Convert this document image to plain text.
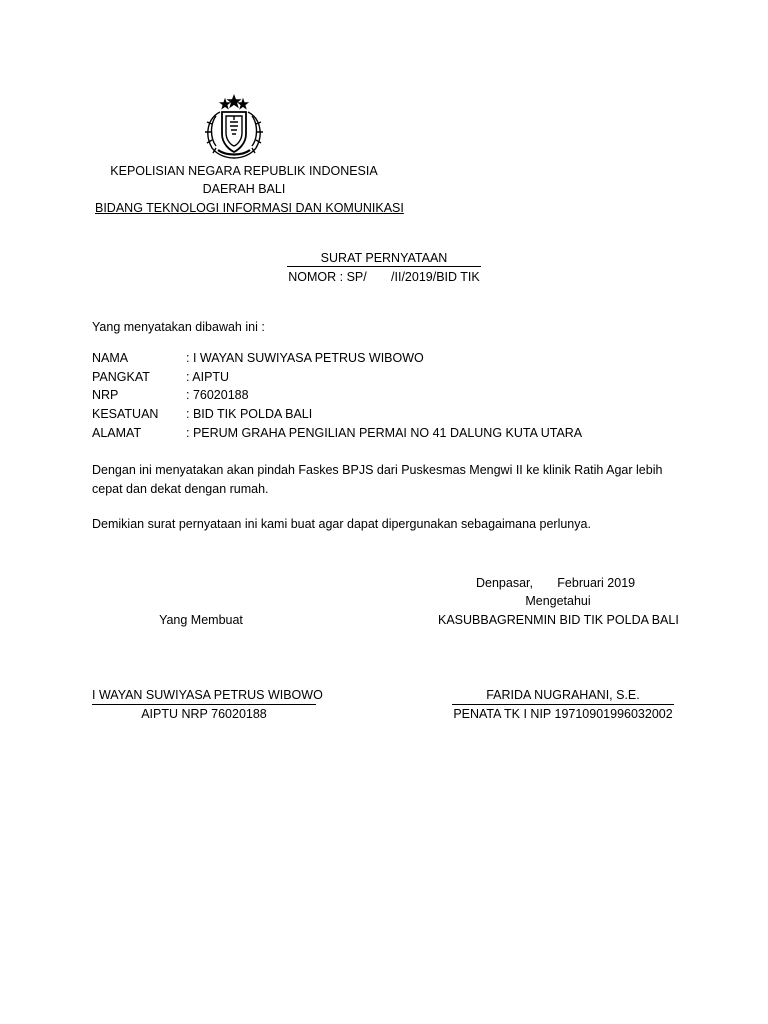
KEPOLISIAN NEGARA REPUBLIK INDONESIA
DAERAH BALI
BIDANG TEKNOLOGI INFORMASI DAN KOMUNIKASI
SURAT PERNYATAAN
NOMOR : SP/       /II/2019/BID TIK
Yang menyatakan dibawah ini :
NAMA	: I WAYAN SUWIYASA PETRUS WIBOWO
PANGKAT	: AIPTU
NRP	: 76020188
KESATUAN	: BID TIK POLDA BALI
ALAMAT	: PERUM GRAHA PENGILIAN PERMAI NO 41 DALUNG KUTA UTARA
Dengan ini menyatakan akan pindah Faskes BPJS dari Puskesmas Mengwi II ke klinik Ratih Agar lebih
cepat dan dekat dengan rumah.
Demikian surat pernyataan ini kami buat agar dapat dipergunakan sebagaimana perlunya.
Denpasar,       Februari 2019
Mengetahui
Yang Membuat	KASUBBAGRENMIN BID TIK POLDA BALI
I WAYAN SUWIYASA PETRUS WIBOWO
AIPTU NRP 76020188
FARIDA NUGRAHANI, S.E.
PENATA TK I NIP 19710901996032002
